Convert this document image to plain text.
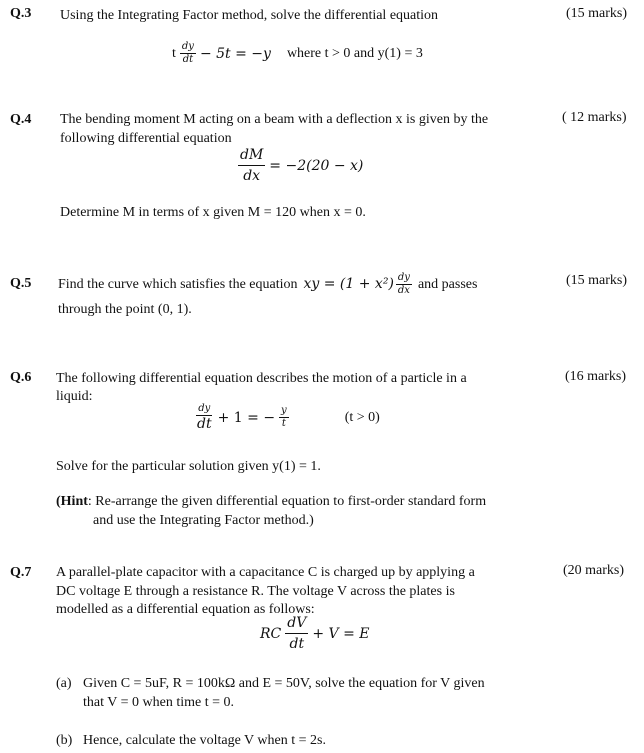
Q.3 Using the Integrating Factor method, solve the differential equation	(15 marks)
t $\frac{dy}{dt} - 5t = -y$ where t > 0 and y(1) = 3
Q.4 The bending moment M acting on a beam with a deflection x is given by the
following differential equation
( 12 marks)
$\frac{dM}{dx} = -2(20 - x)$
Determine M in terms of x given M = 120 when x = 0.
Q.5 Find the curve which satisfies the equation xy = $(1 + x^2) \frac{dy}{dx}$ and passes
through the point (0, 1).
(15 marks)
Q.6 The following differential equation describes the motion of a particle in a
liquid:
(16 marks)
$\frac{dy}{dt} + 1$ = − $\frac{y}{t}$	(t > 0)
Solve for the particular solution given y(1) = 1.
(Hint: Re-arrange the given differential equation to first-order standard form
and use the Integrating Factor method.)
Q.7 A parallel-plate capacitor with a capacitance C is charged up by applying a
DC voltage E through a resistance R. The voltage V across the plates is
modelled as a differential equation as follows:
(20 marks)
RC $\frac{dV}{dt} + V = E$
(a) Given C = 5uF, R = 100kΩ and E = 50V, solve the equation for V given
that V = 0 when time t = 0.
(b) Hence, calculate the voltage V when t = 2s.
